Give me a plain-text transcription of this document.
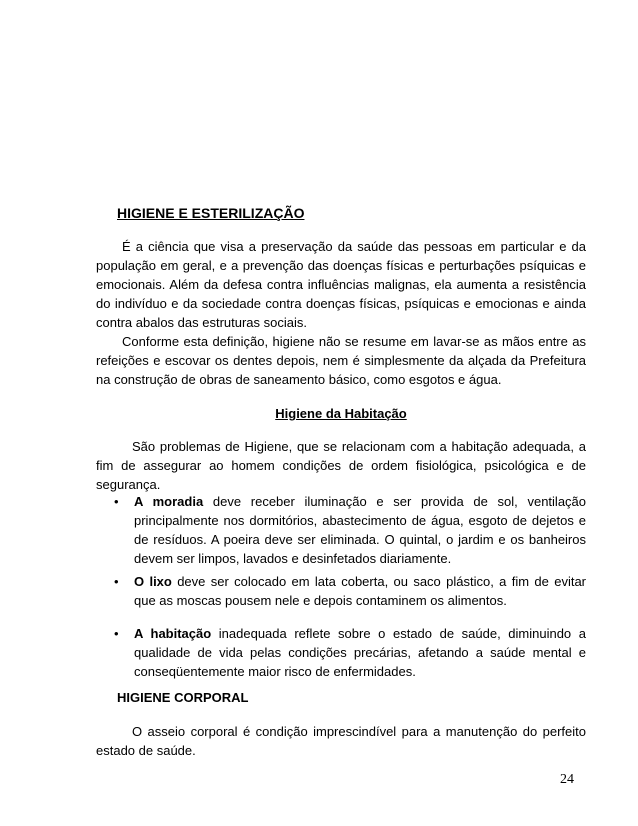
HIGIENE E ESTERILIZAÇÃO

É a ciência que visa a preservação da saúde das pessoas em particular e da população em geral, e a prevenção das doenças físicas e perturbações psíquicas e emocionais. Além da defesa contra influências malignas, ela aumenta a resistência do indivíduo e da sociedade contra doenças físicas, psíquicas e emocionas e ainda contra abalos das estruturas sociais.

Conforme esta definição, higiene não se resume em lavar-se as mãos entre as refeições e escovar os dentes depois, nem é simplesmente da alçada da Prefeitura na construção de obras de saneamento básico, como esgotos e água.

Higiene da Habitação

São problemas de Higiene, que se relacionam com a habitação adequada, a fim de assegurar ao homem condições de ordem fisiológica, psicológica e de segurança.

• A moradia deve receber iluminação e ser provida de sol, ventilação principalmente nos dormitórios, abastecimento de água, esgoto de dejetos e de resíduos. A poeira deve ser eliminada. O quintal, o jardim e os banheiros devem ser limpos, lavados e desinfetados diariamente.
• O lixo deve ser colocado em lata coberta, ou saco plástico, a fim de evitar que as moscas pousem nele e depois contaminem os alimentos.
• A habitação inadequada reflete sobre o estado de saúde, diminuindo a qualidade de vida pelas condições precárias, afetando a saúde mental e conseqüentemente maior risco de enfermidades.
HIGIENE CORPORAL

O asseio corporal é condição imprescindível para a manutenção do perfeito estado de saúde.

24
